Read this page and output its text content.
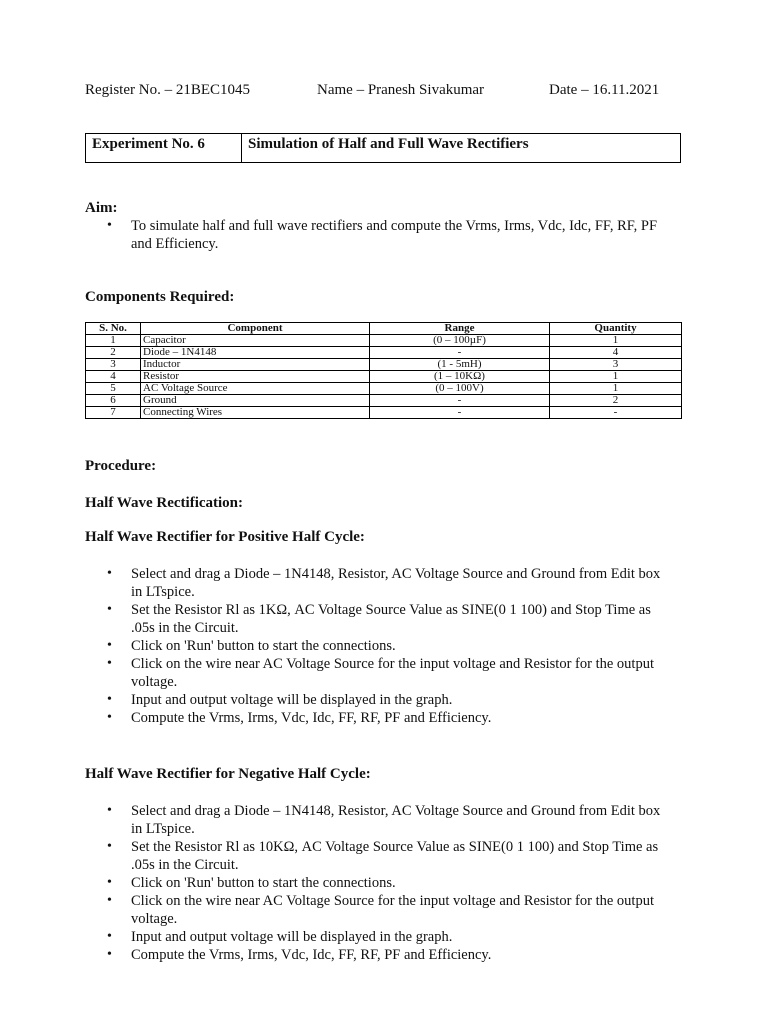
Register No. – 21BEC1045	Name – Pranesh Sivakumar	Date – 16.11.2021
Experiment No. 6	Simulation of Half and Full Wave Rectifiers
Aim:
• To simulate half and full wave rectifiers and compute the Vrms, Irms, Vdc, Idc, FF, RF, PF and Efficiency.
Components Required:
S. No.	Component	Range	Quantity
1	Capacitor	(0 – 100µF)	1
2	Diode – 1N4148	-	4
3	Inductor	(1 - 5mH)	3
4	Resistor	(1 – 10KΩ)	1
5	AC Voltage Source	(0 – 100V)	1
6	Ground	-	2
7	Connecting Wires	-	-
Procedure:
Half Wave Rectification:
Half Wave Rectifier for Positive Half Cycle:
• Select and drag a Diode – 1N4148, Resistor, AC Voltage Source and Ground from Edit box in LTspice.
• Set the Resistor Rl as 1KΩ, AC Voltage Source Value as SINE(0 1 100) and Stop Time as .05s in the Circuit.
• Click on 'Run' button to start the connections.
• Click on the wire near AC Voltage Source for the input voltage and Resistor for the output voltage.
• Input and output voltage will be displayed in the graph.
• Compute the Vrms, Irms, Vdc, Idc, FF, RF, PF and Efficiency.
Half Wave Rectifier for Negative Half Cycle:
• Select and drag a Diode – 1N4148, Resistor, AC Voltage Source and Ground from Edit box in LTspice.
• Set the Resistor Rl as 10KΩ, AC Voltage Source Value as SINE(0 1 100) and Stop Time as .05s in the Circuit.
• Click on 'Run' button to start the connections.
• Click on the wire near AC Voltage Source for the input voltage and Resistor for the output voltage.
• Input and output voltage will be displayed in the graph.
• Compute the Vrms, Irms, Vdc, Idc, FF, RF, PF and Efficiency.
